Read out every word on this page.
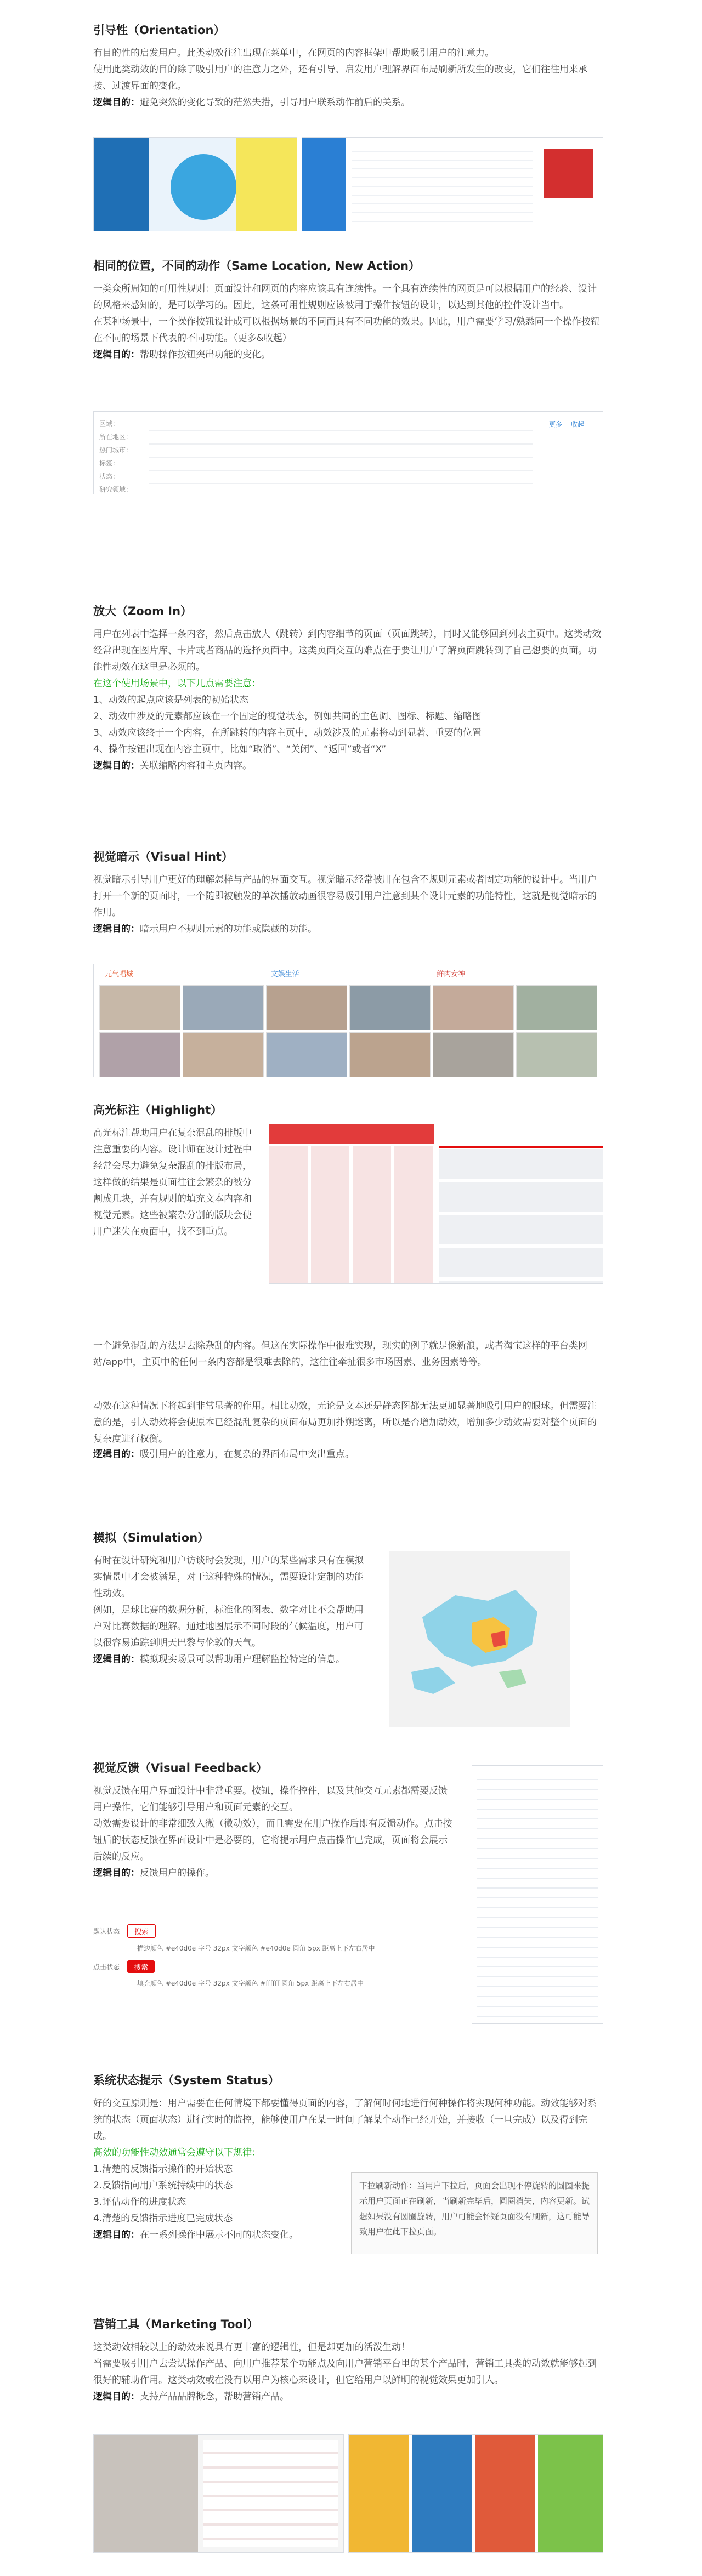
引导性（Orientation）

有目的性的启发用户。此类动效往往出现在菜单中，在网页的内容框架中帮助吸引用户的注意力。

使用此类动效的目的除了吸引用户的注意力之外，还有引导、启发用户理解界面布局刷新所发生的改变，它们往往用来承接、过渡界面的变化。

逻辑目的：避免突然的变化导致的茫然失措，引导用户联系动作前后的关系。

相同的位置，不同的动作（Same Location, New Action）

一类众所周知的可用性规则：页面设计和网页的内容应该具有连续性。一个具有连续性的网页是可以根据用户的经验、设计的风格来感知的，是可以学习的。因此，这条可用性规则应该被用于操作按钮的设计，以达到其他的控件设计当中。

在某种场景中，一个操作按钮设计成可以根据场景的不同而具有不同功能的效果。因此，用户需要学习/熟悉同一个操作按钮在不同的场景下代表的不同功能。（更多&收起）

逻辑目的：帮助操作按钮突出功能的变化。

区域：
所在地区：
热门城市：
标签：
状态：
研究领域：
更多 收起
放大（Zoom In）

用户在列表中选择一条内容，然后点击放大（跳转）到内容细节的页面（页面跳转），同时又能够回到列表主页中。这类动效经常出现在图片库、卡片或者商品的选择页面中。这类页面交互的难点在于要让用户了解页面跳转到了自己想要的页面。功能性动效在这里是必须的。

在这个使用场景中，以下几点需要注意：

1、动效的起点应该是列表的初始状态
2、动效中涉及的元素都应该在一个固定的视觉状态，例如共同的主色调、图标、标题、缩略图
3、动效应该终于一个内容，在所跳转的内容主页中，动效涉及的元素将动到显著、重要的位置
4、操作按钮出现在内容主页中，比如“取消”、“关闭”、“返回”或者“X”

逻辑目的：关联缩略内容和主页内容。

视觉暗示（Visual Hint）

视觉暗示引导用户更好的理解怎样与产品的界面交互。视觉暗示经常被用在包含不规则元素或者固定功能的设计中。当用户打开一个新的页面时，一个随即被触发的单次播放动画很容易吸引用户注意到某个设计元素的功能特性，这就是视觉暗示的作用。

逻辑目的：暗示用户不规则元素的功能或隐藏的功能。

元气唱城	文娱生活	鲜肉女神
高光标注（Highlight）

高光标注帮助用户在复杂混乱的排版中注意重要的内容。设计师在设计过程中经常会尽力避免复杂混乱的排版布局，这样做的结果是页面往往会繁杂的被分割成几块，并有规则的填充文本内容和视觉元素。这些被繁杂分割的版块会使用户迷失在页面中，找不到重点。

一个避免混乱的方法是去除杂乱的内容。但这在实际操作中很难实现，现实的例子就是像新浪，或者淘宝这样的平台类网站/app中，主页中的任何一条内容都是很难去除的，这往往牵扯很多市场因素、业务因素等等。

动效在这种情况下将起到非常显著的作用。相比动效，无论是文本还是静态图都无法更加显著地吸引用户的眼球。但需要注意的是，引入动效将会使原本已经混乱复杂的页面布局更加扑朔迷离，所以是否增加动效，增加多少动效需要对整个页面的复杂度进行权衡。

逻辑目的：吸引用户的注意力，在复杂的界面布局中突出重点。

模拟（Simulation）

有时在设计研究和用户访谈时会发现，用户的某些需求只有在模拟实情景中才会被满足，对于这种特殊的情况，需要设计定制的功能性动效。

例如，足球比赛的数据分析，标准化的图表、数字对比不会帮助用户对比赛数据的理解。通过地图展示不同时段的气候温度，用户可以很容易追踪到明天巴黎与伦敦的天气。

逻辑目的：模拟现实场景可以帮助用户理解监控特定的信息。

视觉反馈（Visual Feedback）

视觉反馈在用户界面设计中非常重要。按钮，操作控件，以及其他交互元素都需要反馈用户操作，它们能够引导用户和页面元素的交互。

动效需要设计的非常细致入微（微动效），而且需要在用户操作后即有反馈动作。点击按钮后的状态反馈在界面设计中是必要的，它将提示用户点击操作已完成，页面将会展示后续的反应。

逻辑目的：反馈用户的操作。

默认状态	搜索
描边颜色 #e40d0e 字号 32px 文字颜色 #e40d0e 圆角 5px 距离上下左右居中
点击状态	搜索
填充颜色 #e40d0e 字号 32px 文字颜色 #ffffff 圆角 5px 距离上下左右居中
系统状态提示（System Status）

好的交互原则是：用户需要在任何情境下都要懂得页面的内容，了解何时何地进行何种操作将实现何种功能。动效能够对系统的状态（页面状态）进行实时的监控，能够使用户在某一时间了解某个动作已经开始，并接收（一旦完成）以及得到完成。

高效的功能性动效通常会遵守以下规律：

1.清楚的反馈指示操作的开始状态
2.反馈指向用户系统持续中的状态
3.评估动作的进度状态
4.清楚的反馈指示进度已完成状态

逻辑目的：在一系列操作中展示不同的状态变化。

下拉刷新动作：当用户下拉后，页面会出现不停旋转的圆圈来提示用户页面正在刷新，当刷新完毕后，圆圈消失，内容更新。试想如果没有圆圈旋转，用户可能会怀疑页面没有刷新，这可能导致用户在此下拉页面。
营销工具（Marketing Tool）

这类动效相较以上的动效来说具有更丰富的逻辑性，但是却更加的活泼生动！

当需要吸引用户去尝试操作产品、向用户推荐某个功能点及向用户营销平台里的某个产品时，营销工具类的动效就能够起到很好的辅助作用。这类动效或在没有以用户为核心来设计，但它给用户以鲜明的视觉效果更加引人。

逻辑目的：支持产品品牌概念，帮助营销产品。
